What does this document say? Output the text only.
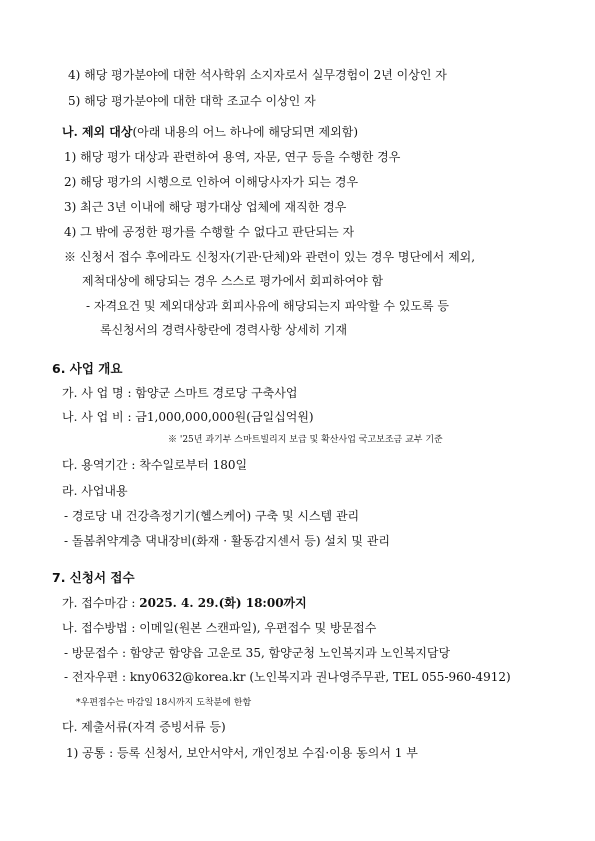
4) 해당 평가분야에 대한 석사학위 소지자로서 실무경험이 2년 이상인 자
5) 해당 평가분야에 대한 대학 조교수 이상인 자
나. 제외 대상(아래 내용의 어느 하나에 해당되면 제외함)
1) 해당 평가 대상과 관련하여 용역, 자문, 연구 등을 수행한 경우
2) 해당 평가의 시행으로 인하여 이해당사자가 되는 경우
3) 최근 3년 이내에 해당 평가대상 업체에 재직한 경우
4) 그 밖에 공정한 평가를 수행할 수 없다고 판단되는 자
※ 신청서 접수 후에라도 신청자(기관·단체)와 관련이 있는 경우 명단에서 제외,
제척대상에 해당되는 경우 스스로 평가에서 회피하여야 함
- 자격요건 및 제외대상과 회피사유에 해당되는지 파악할 수 있도록 등
록신청서의 경력사항란에 경력사항 상세히 기재
6. 사업 개요
가. 사 업 명 : 함양군 스마트 경로당 구축사업
나. 사 업 비 : 금1,000,000,000원(금일십억원)
※ '25년 과기부 스마트빌리지 보급 및 확산사업 국고보조금 교부 기준
다. 용역기간 : 착수일로부터 180일
라. 사업내용
- 경로당 내 건강측정기기(헬스케어) 구축 및 시스템 관리
- 돌봄취약계층 댁내장비(화재 · 활동감지센서 등) 설치 및 관리
7. 신청서 접수
가. 접수마감 : 2025. 4. 29.(화) 18:00까지
나. 접수방법 : 이메일(원본 스캔파일), 우편접수 및 방문접수
- 방문접수 : 함양군 함양읍 고운로 35, 함양군청 노인복지과 노인복지담당
- 전자우편 : kny0632@korea.kr (노인복지과 권나영주무관, TEL 055-960-4912)
*우편접수는 마감일 18시까지 도착분에 한함
다. 제출서류(자격 증빙서류 등)
1) 공통 : 등록 신청서, 보안서약서, 개인정보 수집·이용 동의서 1 부
